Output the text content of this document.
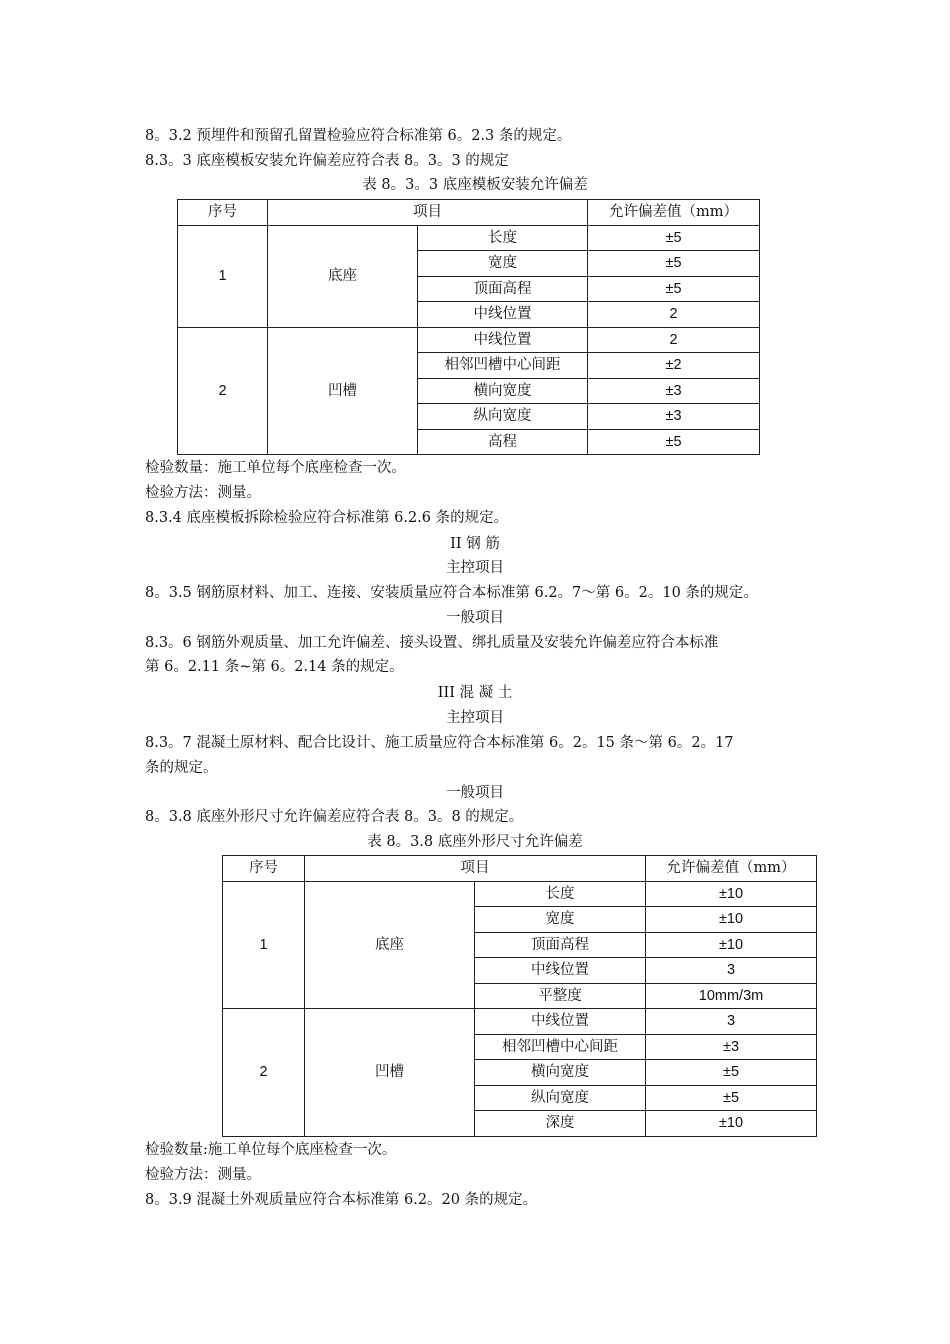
8。3.2 预埋件和预留孔留置检验应符合标准第 6。2.3 条的规定。
8.3。3 底座模板安装允许偏差应符合表 8。3。3 的规定
表 8。3。3 底座模板安装允许偏差
序号	项目		允许偏差值（mm）
1	底座	长度	±5
		宽度	±5
		顶面高程	±5
		中线位置	2
2	凹槽	中线位置	2
		相邻凹槽中心间距	±2
		横向宽度	±3
		纵向宽度	±3
		高程	±5
检验数量：施工单位每个底座检查一次。
检验方法：测量。
8.3.4 底座模板拆除检验应符合标准第 6.2.6 条的规定。
II 钢 筋
主控项目
8。3.5 钢筋原材料、加工、连接、安装质量应符合本标准第 6.2。7～第 6。2。10 条的规定。
一般项目
8.3。6 钢筋外观质量、加工允许偏差、接头设置、绑扎质量及安装允许偏差应符合本标准
第 6。2.11 条~第 6。2.14 条的规定。
III 混 凝 土
主控项目
8.3。7 混凝土原材料、配合比设计、施工质量应符合本标准第 6。2。15 条～第 6。2。17
条的规定。
一般项目
8。3.8 底座外形尺寸允许偏差应符合表 8。3。8 的规定。
表 8。3.8 底座外形尺寸允许偏差
序号	项目		允许偏差值（mm）
1	底座	长度	±10
		宽度	±10
		顶面高程	±10
		中线位置	3
		平整度	10mm/3m
2	凹槽	中线位置	3
		相邻凹槽中心间距	±3
		横向宽度	±5
		纵向宽度	±5
		深度	±10
检验数量:施工单位每个底座检查一次。
检验方法：测量。
8。3.9 混凝土外观质量应符合本标准第 6.2。20 条的规定。
